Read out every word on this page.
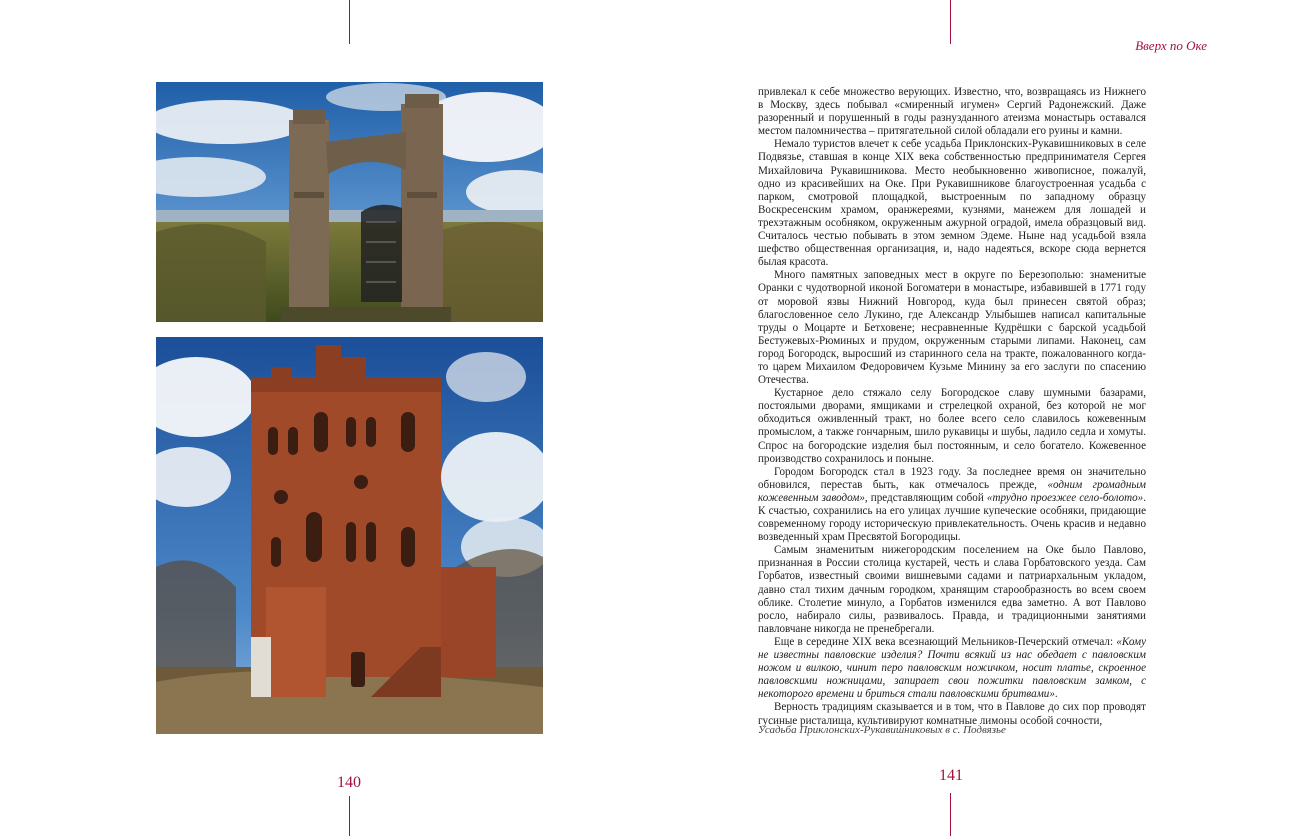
Вверх по Оке

привлекал к себе множество верующих. Известно, что, возвращаясь из Нижнего в Москву, здесь побывал «смиренный игумен» Сергий Радонежский. Даже разоренный и порушенный в годы разнузданного атеизма монастырь оставался местом паломничества – притягательной силой обладали его руины и камни.

Немало туристов влечет к себе усадьба Приклонских-Рукавишниковых в селе Подвязье, ставшая в конце XIX века собственностью предпринимателя Сергея Михайловича Рукавишникова. Место необыкновенно живописное, пожалуй, одно из красивейших на Оке. При Рукавишникове благоустроенная усадьба с парком, смотровой площадкой, выстроенным по западному образцу Воскресенским храмом, оранжереями, кузнями, манежем для лошадей и трехэтажным особняком, окруженным ажурной оградой, имела образцовый вид. Считалось честью побывать в этом земном Эдеме. Ныне над усадьбой взяла шефство общественная организация, и, надо надеяться, вскоре сюда вернется былая красота.

Много памятных заповедных мест в округе по Березополью: знаменитые Оранки с чудотворной иконой Богоматери в монастыре, избавившей в 1771 году от моровой язвы Нижний Новгород, куда был принесен святой образ; благословенное село Лукино, где Александр Улыбышев написал капитальные труды о Моцарте и Бетховене; несравненные Кудрёшки с барской усадьбой Бестужевых-Рюминых и прудом, окруженным старыми липами. Наконец, сам город Богородск, выросший из старинного села на тракте, пожалованного когда-то царем Михаилом Федоровичем Кузьме Минину за его заслуги по спасению Отечества.

Кустарное дело стяжало селу Богородское славу шумными базарами, постоялыми дворами, ямщиками и стрелецкой охраной, без которой не мог обходиться оживленный тракт, но более всего село славилось кожевенным промыслом, а также гончарным, шило рукавицы и шубы, ладило седла и хомуты. Спрос на богородские изделия был постоянным, и село богатело. Кожевенное производство сохранилось и поныне.

Городом Богородск стал в 1923 году. За последнее время он значительно обновился, перестав быть, как отмечалось прежде, «одним громадным кожевенным заводом», представляющим собой «трудно проезжее село-болото». К счастью, сохранились на его улицах лучшие купеческие особняки, придающие современному городу историческую привлекательность. Очень красив и недавно возведенный храм Пресвятой Богородицы.

Самым знаменитым нижегородским поселением на Оке было Павлово, признанная в России столица кустарей, честь и слава Горбатовского уезда. Сам Горбатов, известный своими вишневыми садами и патриархальным укладом, давно стал тихим дачным городком, хранящим старообразность во всем своем облике. Столетие минуло, а Горбатов изменился едва заметно. А вот Павлово росло, набирало силы, развивалось. Правда, и традиционными занятиями павловчане никогда не пренебрегали.

Еще в середине XIX века всезнающий Мельников-Печерский отмечал: «Кому не известны павловские изделия? Почти всякий из нас обедает с павловским ножом и вилкою, чинит перо павловским ножичком, носит платье, скроенное павловскими ножницами, запирает свои пожитки павловским замком, с некоторого времени и бриться стали павловскими бритвами».

Верность традициям сказывается и в том, что в Павлове до сих пор проводят гусиные ристалища, культивируют комнатные лимоны особой сочности,

Усадьба Приклонских-Рукавишниковых в с. Подвязье

140	141
